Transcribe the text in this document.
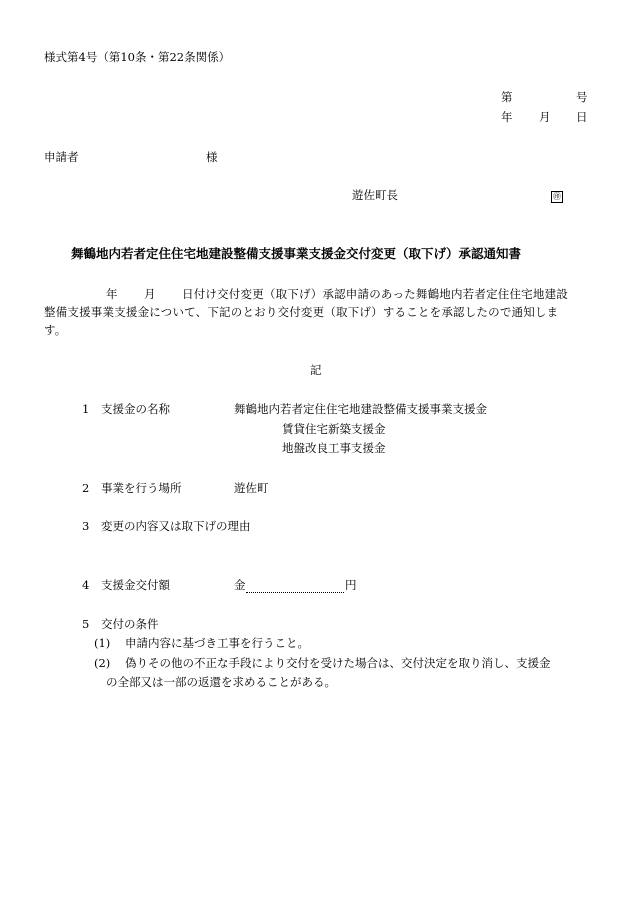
様式第4号（第10条・第22条関係）
第	号
年 月 日
申請者	様
遊佐町長	㊞
舞鶴地内若者定住住宅地建設整備支援事業支援金交付変更（取下げ）承認通知書
年 月 日付け交付変更（取下げ）承認申請のあった舞鶴地内若者定住住宅地建設
整備支援事業支援金について、下記のとおり交付変更（取下げ）することを承認したので通知しま
す。
記
1 支援金の名称	舞鶴地内若者定住住宅地建設整備支援事業支援金
賃貸住宅新築支援金
地盤改良工事支援金
2 事業を行う場所	遊佐町
3 変更の内容又は取下げの理由
4 支援金交付額	金	円
5 交付の条件
(1) 申請内容に基づき工事を行うこと。
(2) 偽りその他の不正な手段により交付を受けた場合は、交付決定を取り消し、支援金
の全部又は一部の返還を求めることがある。
